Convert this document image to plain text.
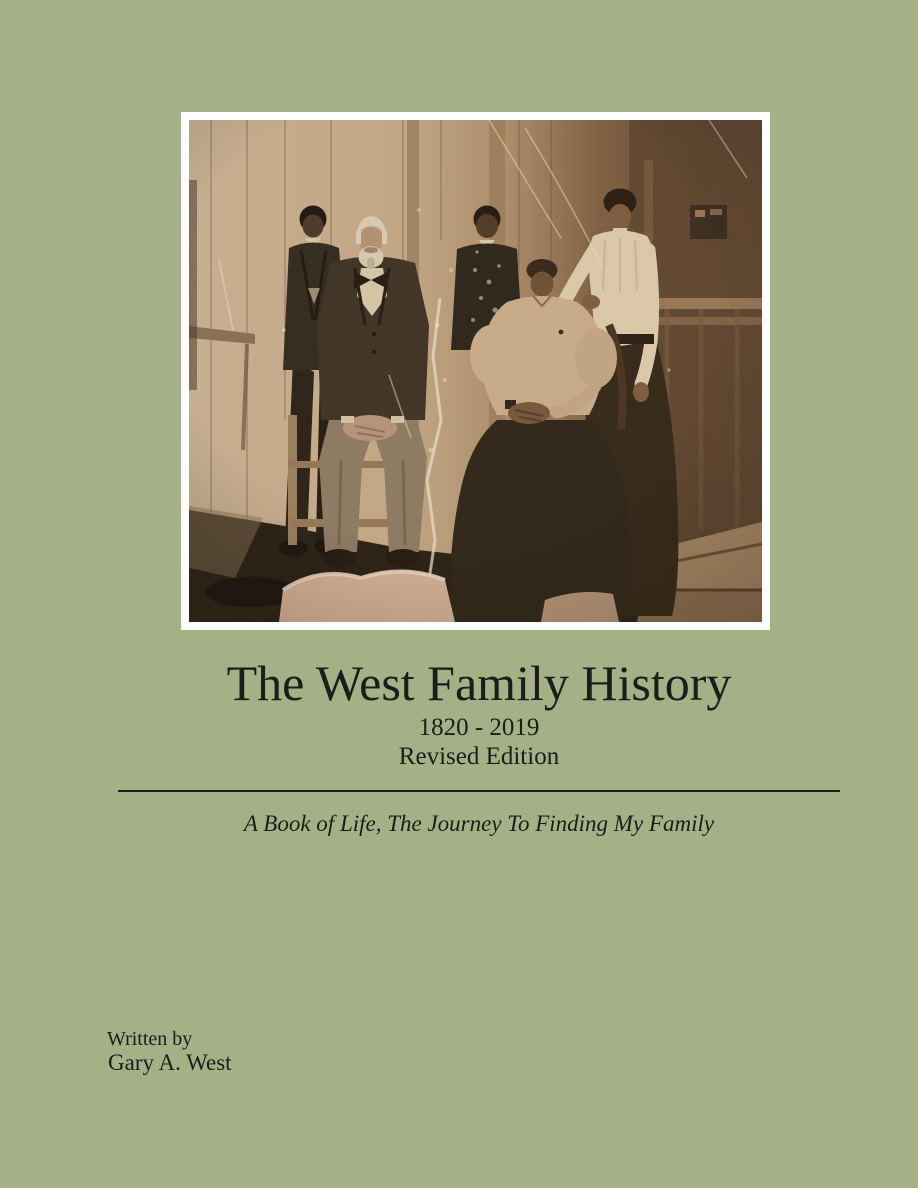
The West Family History
1820 - 2019
Revised Edition
A Book of Life, The Journey To Finding My Family
Written by
Gary A. West
